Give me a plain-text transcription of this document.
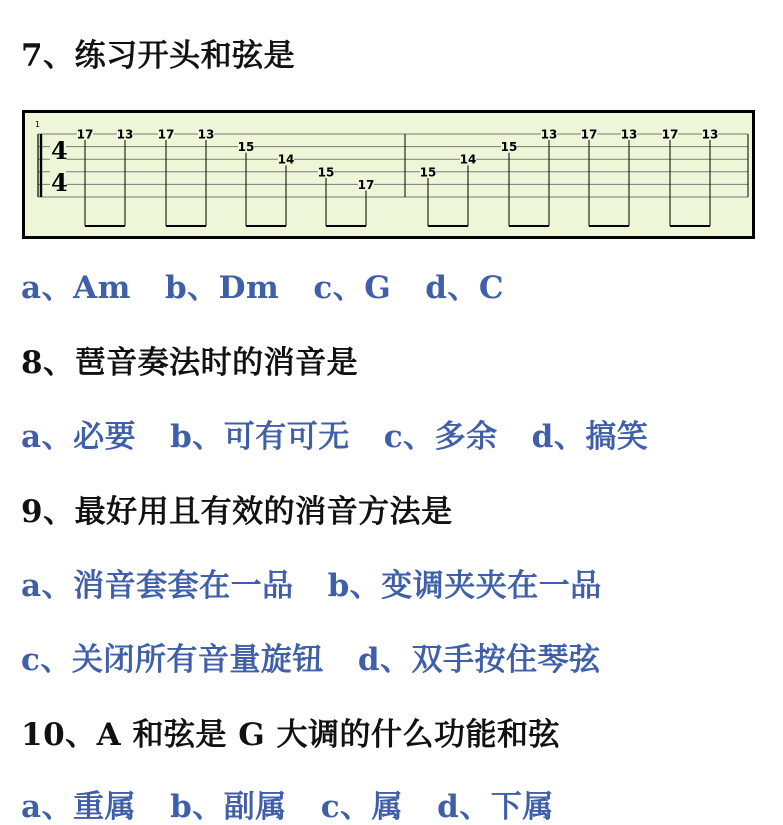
7、练习开头和弦是
1
4
4
17 13 17 13
15
14
15
17
15
14
15
13 17 13 17 13
a、Am b、Dm c、G d、C
8、琶音奏法时的消音是
a、必要 b、可有可无 c、多余 d、搞笑
9、最好用且有效的消音方法是
a、消音套套在一品 b、变调夹夹在一品
c、关闭所有音量旋钮 d、双手按住琴弦
10、A 和弦是 G 大调的什么功能和弦
a、重属 b、副属 c、属 d、下属
